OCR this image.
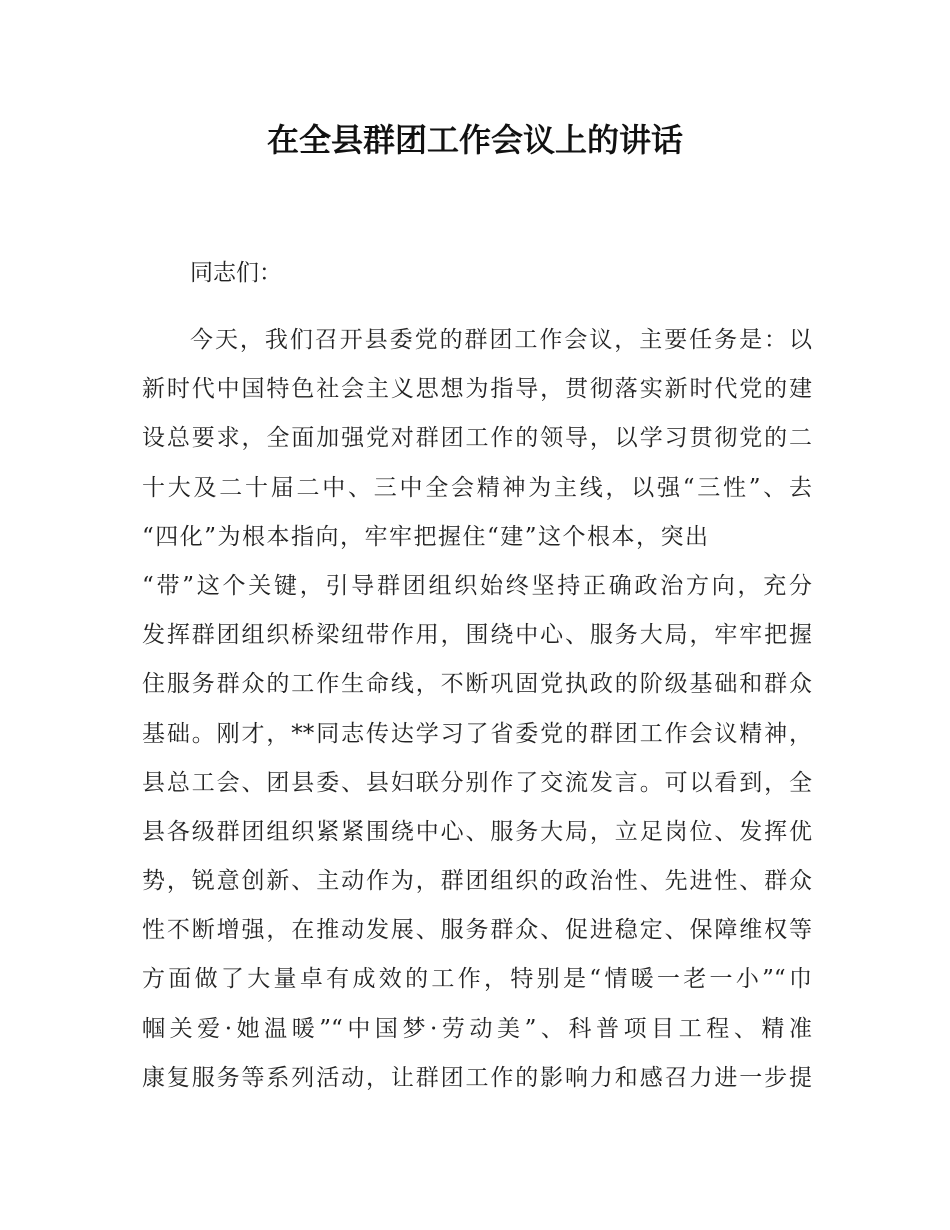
在全县群团工作会议上的讲话

同志们：

今天，我们召开县委党的群团工作会议，主要任务是：以
新时代中国特色社会主义思想为指导，贯彻落实新时代党的建
设总要求，全面加强党对群团工作的领导，以学习贯彻党的二
十大及二十届二中、三中全会精神为主线，以强“三性”、去
“四化”为根本指向，牢牢把握住“建”这个根本，突出
“带”这个关键，引导群团组织始终坚持正确政治方向，充分
发挥群团组织桥梁纽带作用，围绕中心、服务大局，牢牢把握
住服务群众的工作生命线，不断巩固党执政的阶级基础和群众
基础。刚才，**同志传达学习了省委党的群团工作会议精神，
县总工会、团县委、县妇联分别作了交流发言。可以看到，全
县各级群团组织紧紧围绕中心、服务大局，立足岗位、发挥优
势，锐意创新、主动作为，群团组织的政治性、先进性、群众
性不断增强，在推动发展、服务群众、促进稳定、保障维权等
方面做了大量卓有成效的工作，特别是“情暖一老一小”“巾
帼关爱·她温暖”“中国梦·劳动美”、科普项目工程、精准
康复服务等系列活动，让群团工作的影响力和感召力进一步提
